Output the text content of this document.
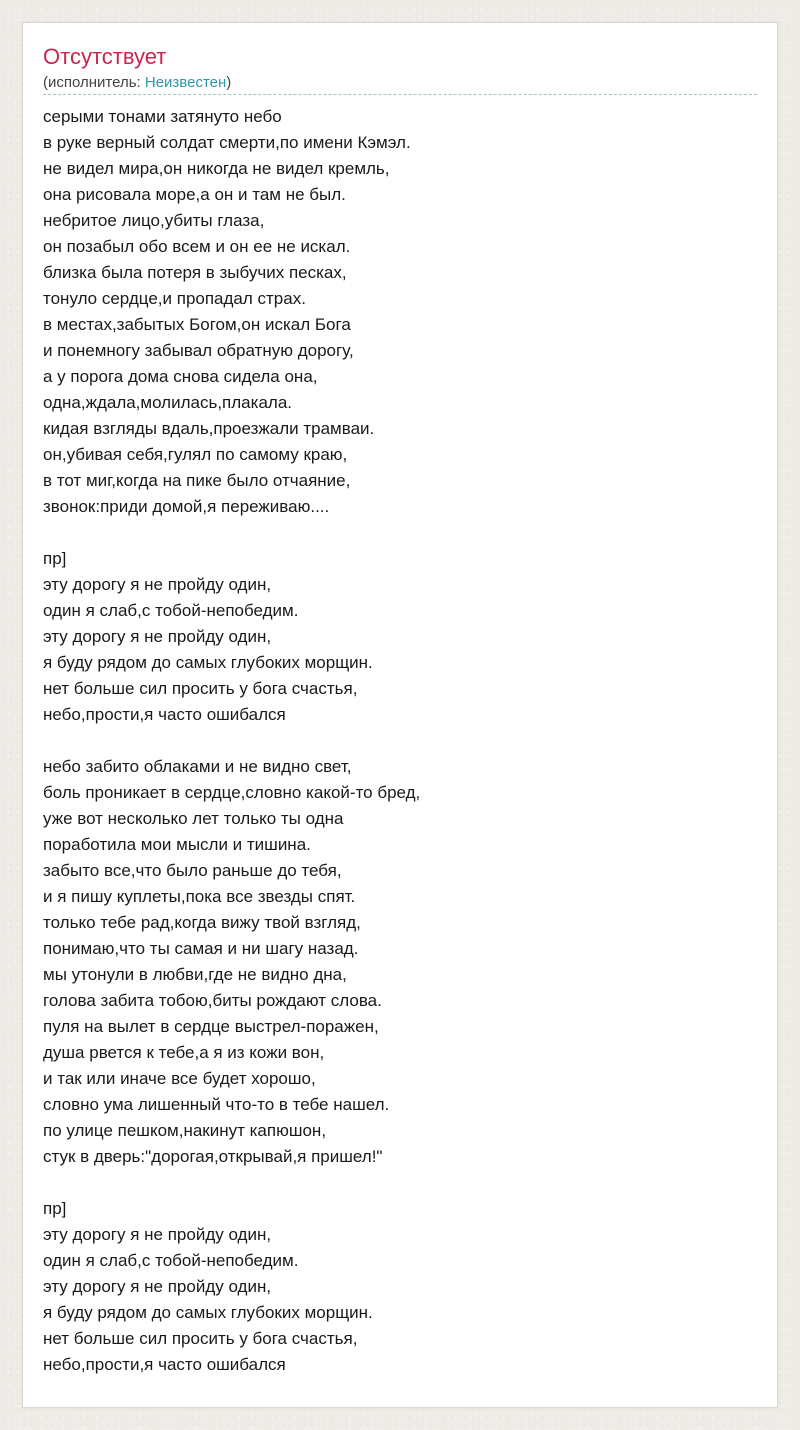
Отсутствует
(исполнитель: Неизвестен)
серыми тонами затянуто небо
в руке верный солдат смерти,по имени Кэмэл.
не видел мира,он никогда не видел кремль,
она рисовала море,а он и там не был.
небритое лицо,убиты глаза,
он позабыл обо всем и он ее не искал.
близка была потеря в зыбучих песках,
тонуло сердце,и пропадал страх.
в местах,забытых Богом,он искал Бога
и понемногу забывал обратную дорогу,
а у порога дома снова сидела она,
одна,ждала,молилась,плакала.
кидая взгляды вдаль,проезжали трамваи.
он,убивая себя,гулял по самому краю,
в тот миг,когда на пике было отчаяние,
звонок:приди домой,я переживаю....
пр]
эту дорогу я не пройду один,
один я слаб,с тобой-непобедим.
эту дорогу я не пройду один,
я буду рядом до самых глубоких морщин.
нет больше сил просить у бога счастья,
небо,прости,я часто ошибался
небо забито облаками и не видно свет,
боль проникает в сердце,словно какой-то бред,
уже вот несколько лет только ты одна
поработила мои мысли и тишина.
забыто все,что было раньше до тебя,
и я пишу куплеты,пока все звезды спят.
только тебе рад,когда вижу твой взгляд,
понимаю,что ты самая и ни шагу назад.
мы утонули в любви,где не видно дна,
голова забита тобою,биты рождают слова.
пуля на вылет в сердце выстрел-поражен,
душа рвется к тебе,а я из кожи вон,
и так или иначе все будет хорошо,
словно ума лишенный что-то в тебе нашел.
по улице пешком,накинут капюшон,
стук в дверь:"дорогая,открывай,я пришел!"
пр]
эту дорогу я не пройду один,
один я слаб,с тобой-непобедим.
эту дорогу я не пройду один,
я буду рядом до самых глубоких морщин.
нет больше сил просить у бога счастья,
небо,прости,я часто ошибался
